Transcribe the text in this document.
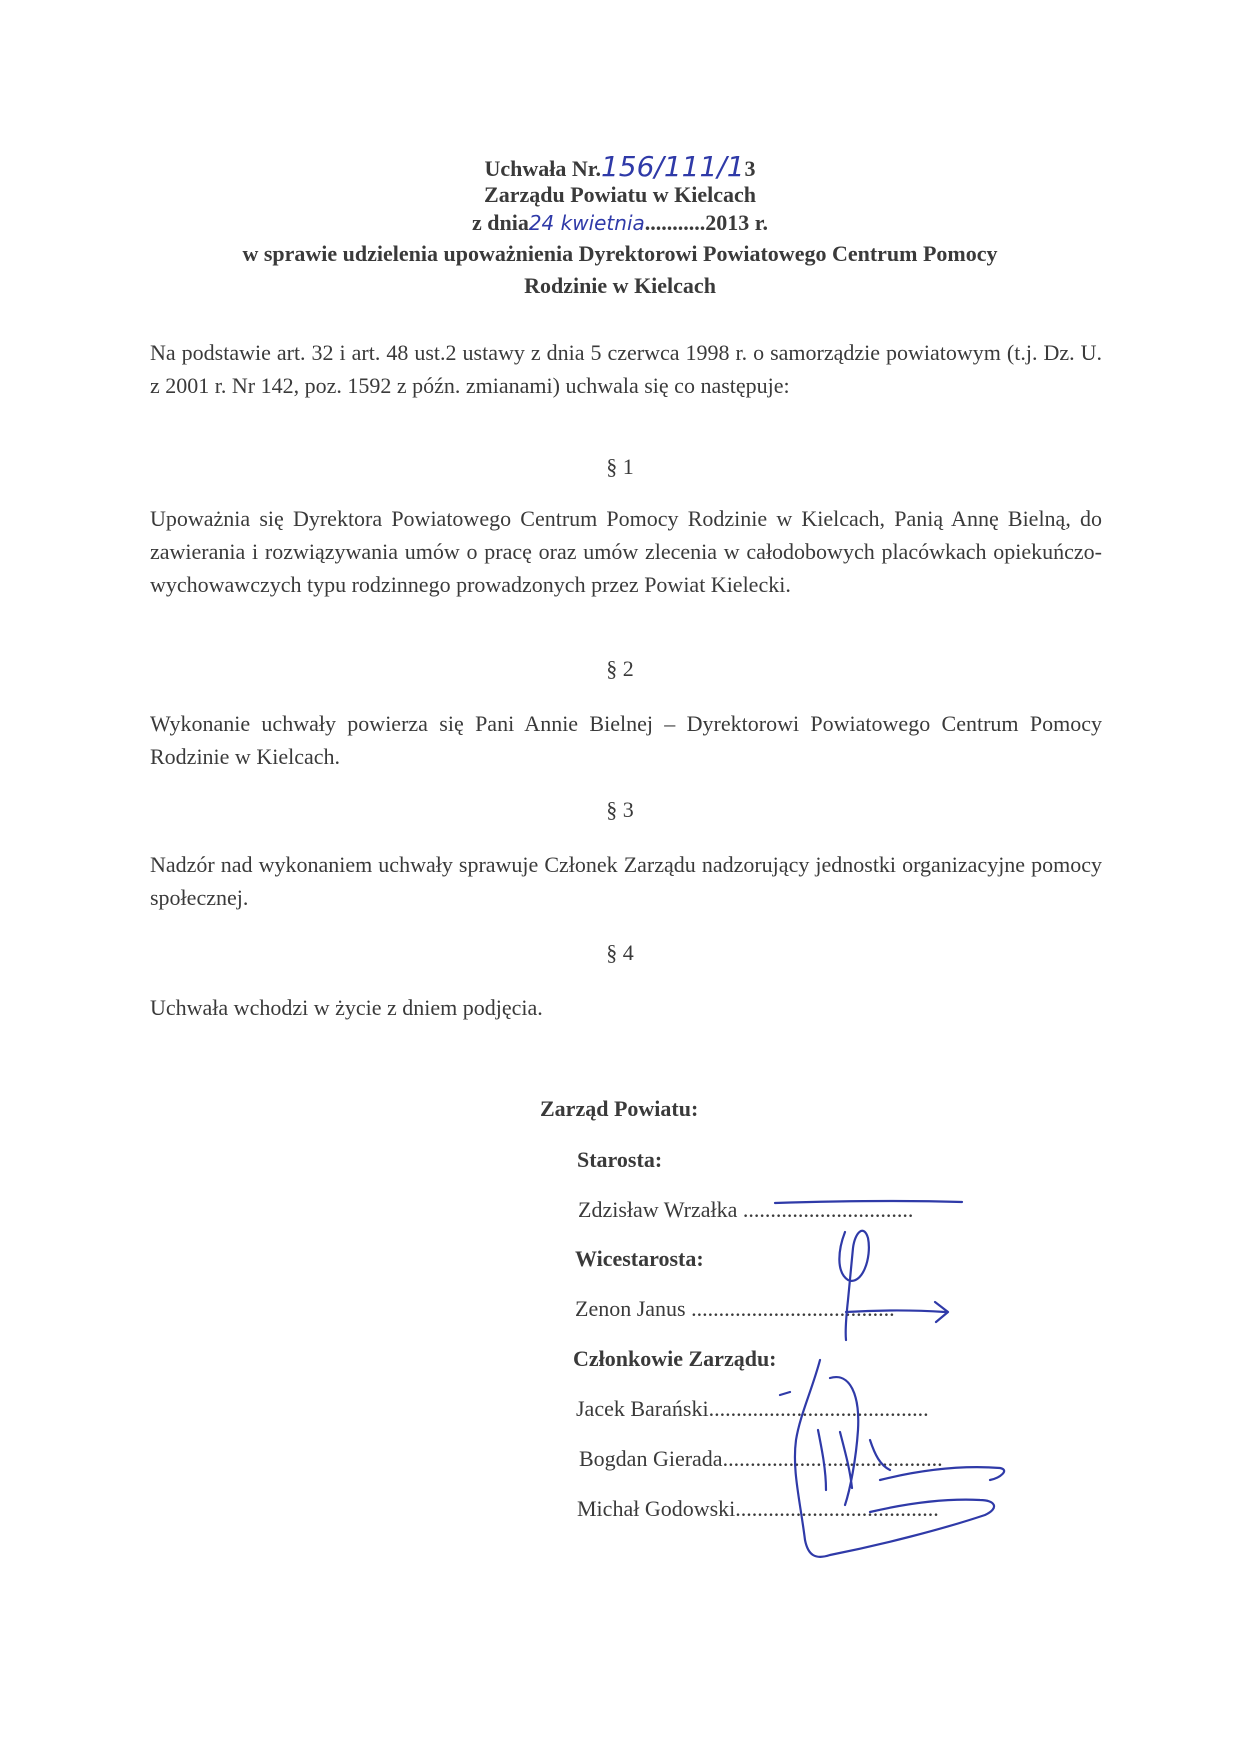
Uchwała Nr.156/111/13
Zarządu Powiatu w Kielcach
z dnia24 kwietnia...........2013 r.
w sprawie udzielenia upoważnienia Dyrektorowi Powiatowego Centrum Pomocy
Rodzinie w Kielcach
Na podstawie art. 32 i art. 48 ust.2 ustawy z dnia 5 czerwca 1998 r. o samorządzie powiatowym (t.j. Dz. U. z 2001 r. Nr 142, poz. 1592 z późn. zmianami) uchwala się co następuje:
§ 1
Upoważnia się Dyrektora Powiatowego Centrum Pomocy Rodzinie w Kielcach, Panią Annę Bielną, do zawierania i rozwiązywania umów o pracę oraz umów zlecenia w całodobowych placówkach opiekuńczo-wychowawczych typu rodzinnego prowadzonych przez Powiat Kielecki.
§ 2
Wykonanie uchwały powierza się Pani Annie Bielnej – Dyrektorowi Powiatowego Centrum Pomocy Rodzinie w Kielcach.
§ 3
Nadzór nad wykonaniem uchwały sprawuje Członek Zarządu nadzorujący jednostki organizacyjne pomocy społecznej.
§ 4
Uchwała wchodzi w życie z dniem podjęcia.
Zarząd Powiatu:
Starosta:
Zdzisław Wrzałka ...............................
Wicestarosta:
Zenon Janus .....................................
Członkowie Zarządu:
Jacek Barański........................................
Bogdan Gierada........................................
Michał Godowski.....................................
